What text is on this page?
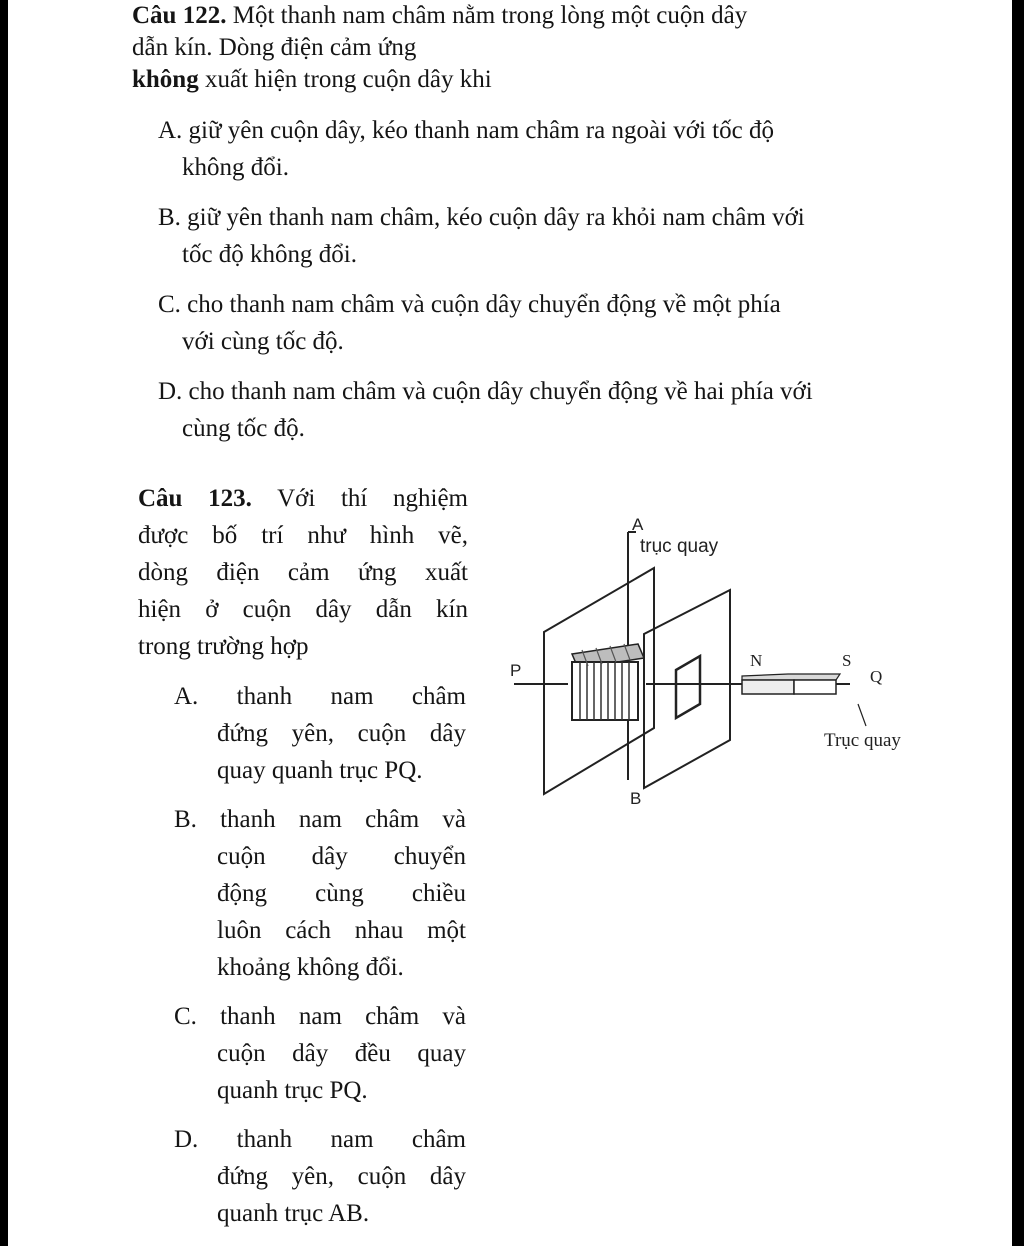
Câu 122. Một thanh nam châm nằm trong lòng một cuộn dây
dẫn kín. Dòng điện cảm ứng
không xuất hiện trong cuộn dây khi
A. giữ yên cuộn dây, kéo thanh nam châm ra ngoài với tốc độ
không đổi.
B. giữ yên thanh nam châm, kéo cuộn dây ra khỏi nam châm với
tốc độ không đổi.
C. cho thanh nam châm và cuộn dây chuyển động về một phía
với cùng tốc độ.
D. cho thanh nam châm và cuộn dây chuyển động về hai phía với
cùng tốc độ.
Câu 123. Với thí nghiệm
được bố trí như hình vẽ,
dòng điện cảm ứng xuất
hiện ở cuộn dây dẫn kín
trong trường hợp
A. thanh nam châm
đứng yên, cuộn dây
quay quanh trục PQ.
B. thanh nam châm và
cuộn dây chuyển
động cùng chiều
luôn cách nhau một
khoảng không đổi.
C. thanh nam châm và
cuộn dây đều quay
quanh trục PQ.
D. thanh nam châm
đứng yên, cuộn dây
quanh trục AB.
A
trục quay
P
N	S
Q
Trục quay
B
